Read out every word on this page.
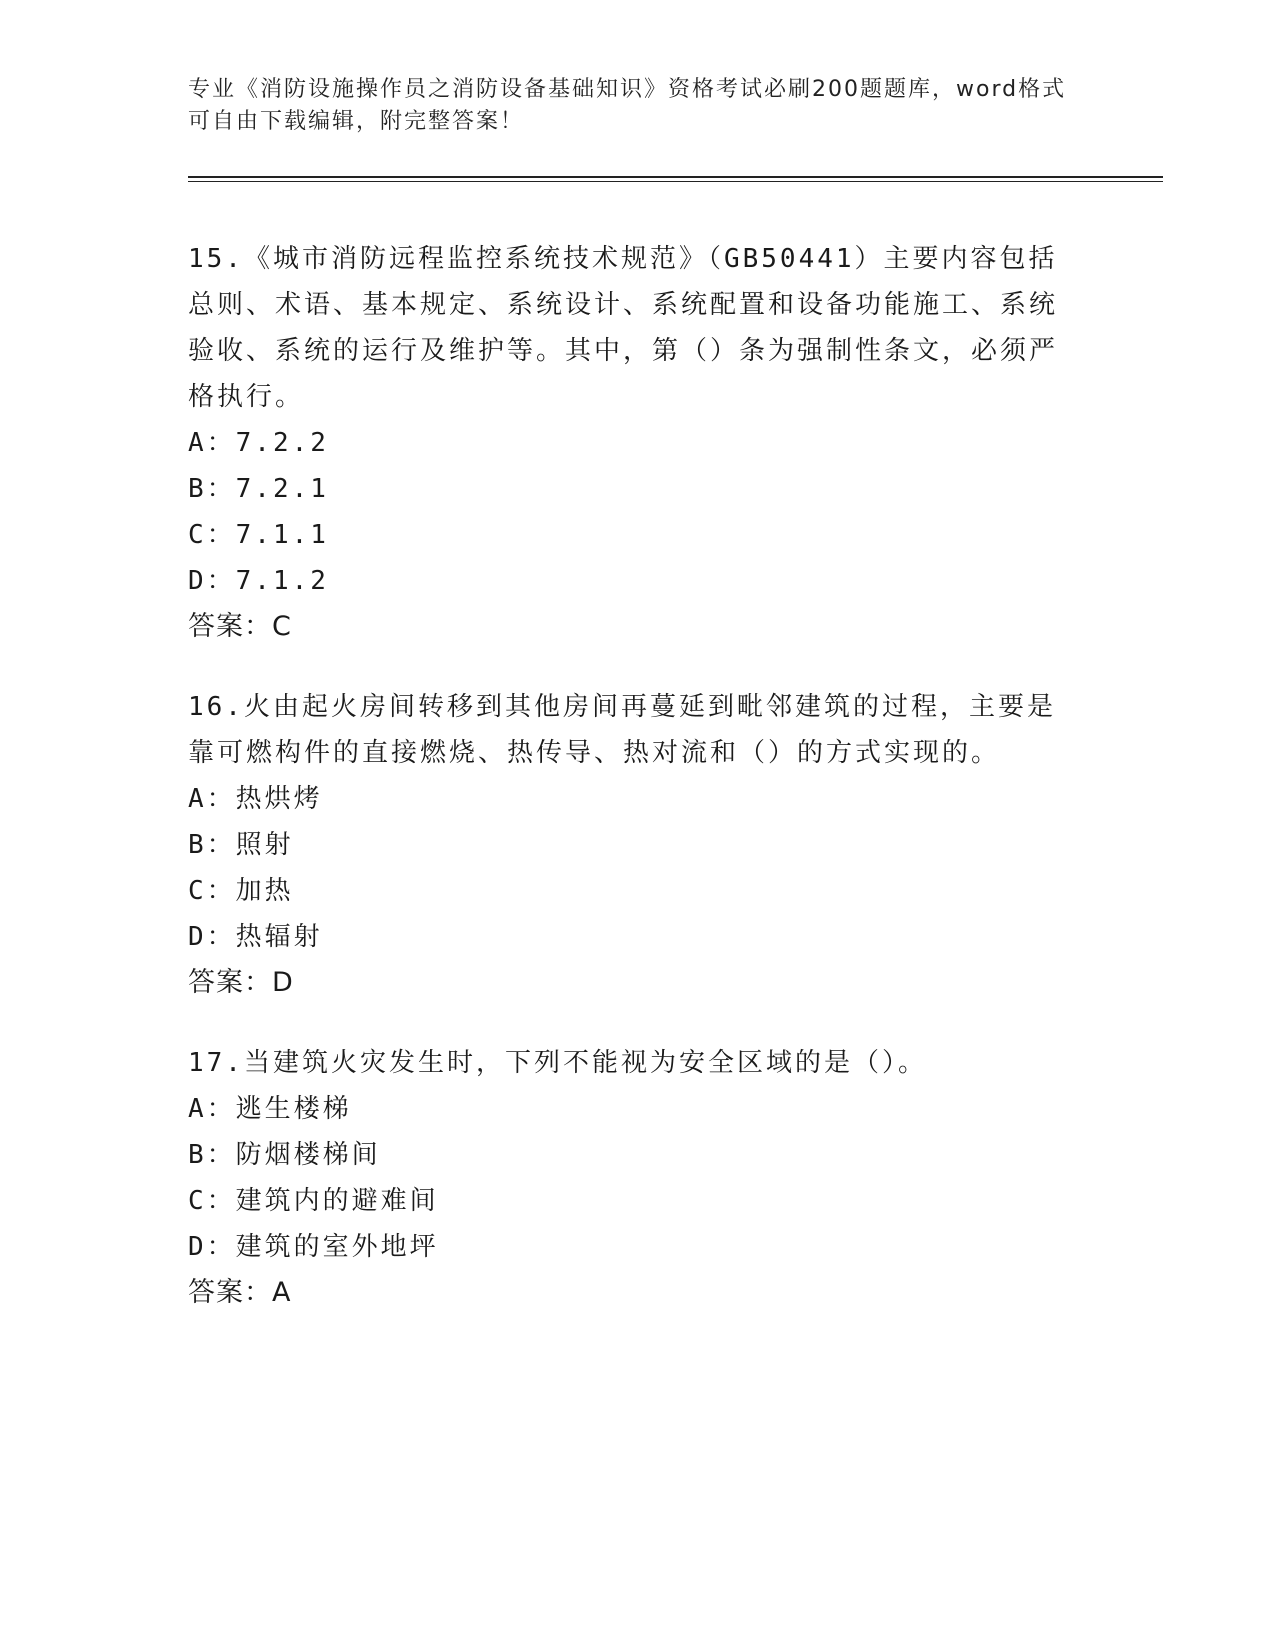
专业《消防设施操作员之消防设备基础知识》资格考试必刷200题题库，word格式可自由下载编辑，附完整答案！

15.《城市消防远程监控系统技术规范》（GB50441）主要内容包括总则、术语、基本规定、系统设计、系统配置和设备功能施工、系统验收、系统的运行及维护等。其中，第（）条为强制性条文，必须严格执行。

A：7.2.2

B：7.2.1

C：7.1.1

D：7.1.2

答案：C

16.火由起火房间转移到其他房间再蔓延到毗邻建筑的过程，主要是靠可燃构件的直接燃烧、热传导、热对流和（）的方式实现的。

A：热烘烤

B：照射

C：加热

D：热辐射

答案：D

17.当建筑火灾发生时，下列不能视为安全区域的是（）。

A：逃生楼梯

B：防烟楼梯间

C：建筑内的避难间

D：建筑的室外地坪

答案：A
